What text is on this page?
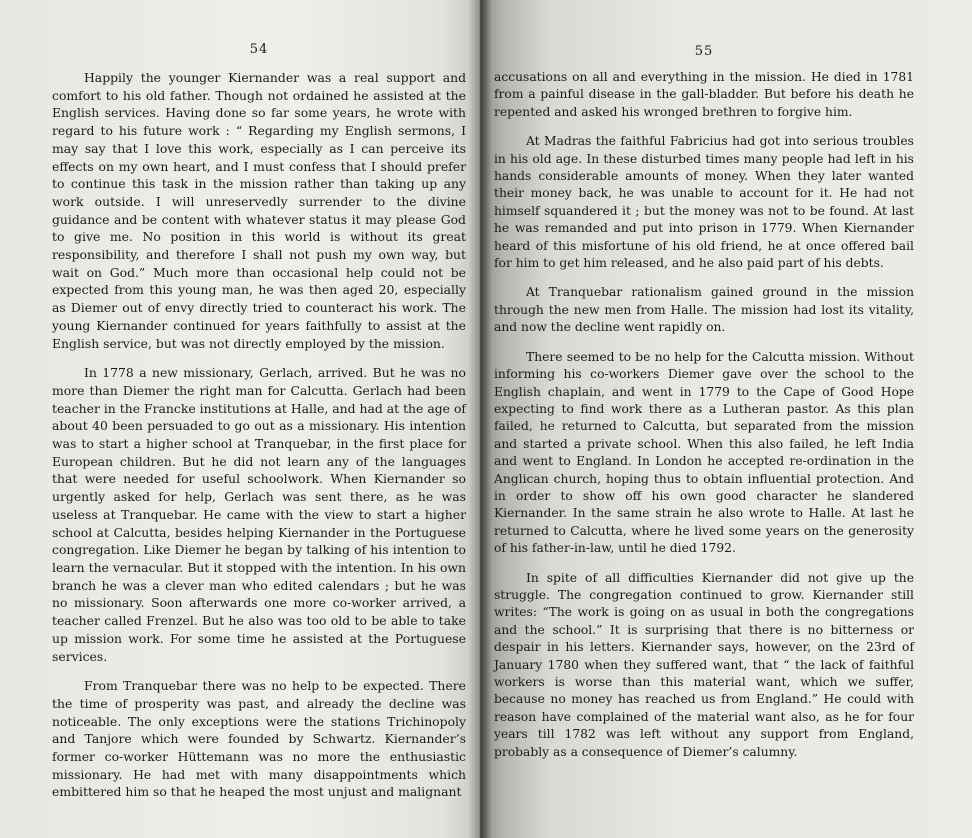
54

Happily the younger Kiernander was a real support and comfort to his old father. Though not ordained he assisted at the English services. Having done so far some years, he wrote with regard to his future work : “ Regarding my English sermons, I may say that I love this work, especially as I can perceive its effects on my own heart, and I must confess that I should prefer to continue this task in the mission rather than taking up any work outside. I will unreservedly surrender to the divine guidance and be content with whatever status it may please God to give me. No position in this world is without its great responsibility, and therefore I shall not push my own way, but wait on God.” Much more than occasional help could not be expected from this young man, he was then aged 20, especially as Diemer out of envy directly tried to counteract his work. The young Kiernander continued for years faithfully to assist at the English service, but was not directly employed by the mission.

In 1778 a new missionary, Gerlach, arrived. But he was no more than Diemer the right man for Calcutta. Gerlach had been teacher in the Francke institutions at Halle, and had at the age of about 40 been persuaded to go out as a missionary. His intention was to start a higher school at Tranquebar, in the first place for European children. But he did not learn any of the languages that were needed for useful schoolwork. When Kiernander so urgently asked for help, Gerlach was sent there, as he was useless at Tranquebar. He came with the view to start a higher school at Calcutta, besides helping Kiernander in the Portuguese congregation. Like Diemer he began by talking of his intention to learn the vernacular. But it stopped with the intention. In his own branch he was a clever man who edited calendars ; but he was no missionary. Soon afterwards one more co-worker arrived, a teacher called Frenzel. But he also was too old to be able to take up mission work. For some time he assisted at the Portuguese services.

From Tranquebar there was no help to be expected. There the time of prosperity was past, and already the decline was noticeable. The only exceptions were the stations Trichinopoly and Tanjore which were founded by Schwartz. Kiernander’s former co-worker Hüttemann was no more the enthusiastic missionary. He had met with many disappointments which embittered him so that he heaped the most unjust and malignant

55

accusations on all and everything in the mission. He died in 1781 from a painful disease in the gall-bladder. But before his death he repented and asked his wronged brethren to forgive him.

At Madras the faithful Fabricius had got into serious troubles in his old age. In these disturbed times many people had left in his hands considerable amounts of money. When they later wanted their money back, he was unable to account for it. He had not himself squandered it ; but the money was not to be found. At last he was remanded and put into prison in 1779. When Kiernander heard of this misfortune of his old friend, he at once offered bail for him to get him released, and he also paid part of his debts.

At Tranquebar rationalism gained ground in the mission through the new men from Halle. The mission had lost its vitality, and now the decline went rapidly on.

There seemed to be no help for the Calcutta mission. Without informing his co-workers Diemer gave over the school to the English chaplain, and went in 1779 to the Cape of Good Hope expecting to find work there as a Lutheran pastor. As this plan failed, he returned to Calcutta, but separated from the mission and started a private school. When this also failed, he left India and went to England. In London he accepted re-ordination in the Anglican church, hoping thus to obtain influential protection. And in order to show off his own good character he slandered Kiernander. In the same strain he also wrote to Halle. At last he returned to Calcutta, where he lived some years on the generosity of his father-in-law, until he died 1792.

In spite of all difficulties Kiernander did not give up the struggle. The congregation continued to grow. Kiernander still writes: “The work is going on as usual in both the congregations and the school.” It is surprising that there is no bitterness or despair in his letters. Kiernander says, however, on the 23rd of January 1780 when they suffered want, that “ the lack of faithful workers is worse than this material want, which we suffer, because no money has reached us from England.” He could with reason have complained of the material want also, as he for four years till 1782 was left without any support from England, probably as a consequence of Diemer’s calumny.
